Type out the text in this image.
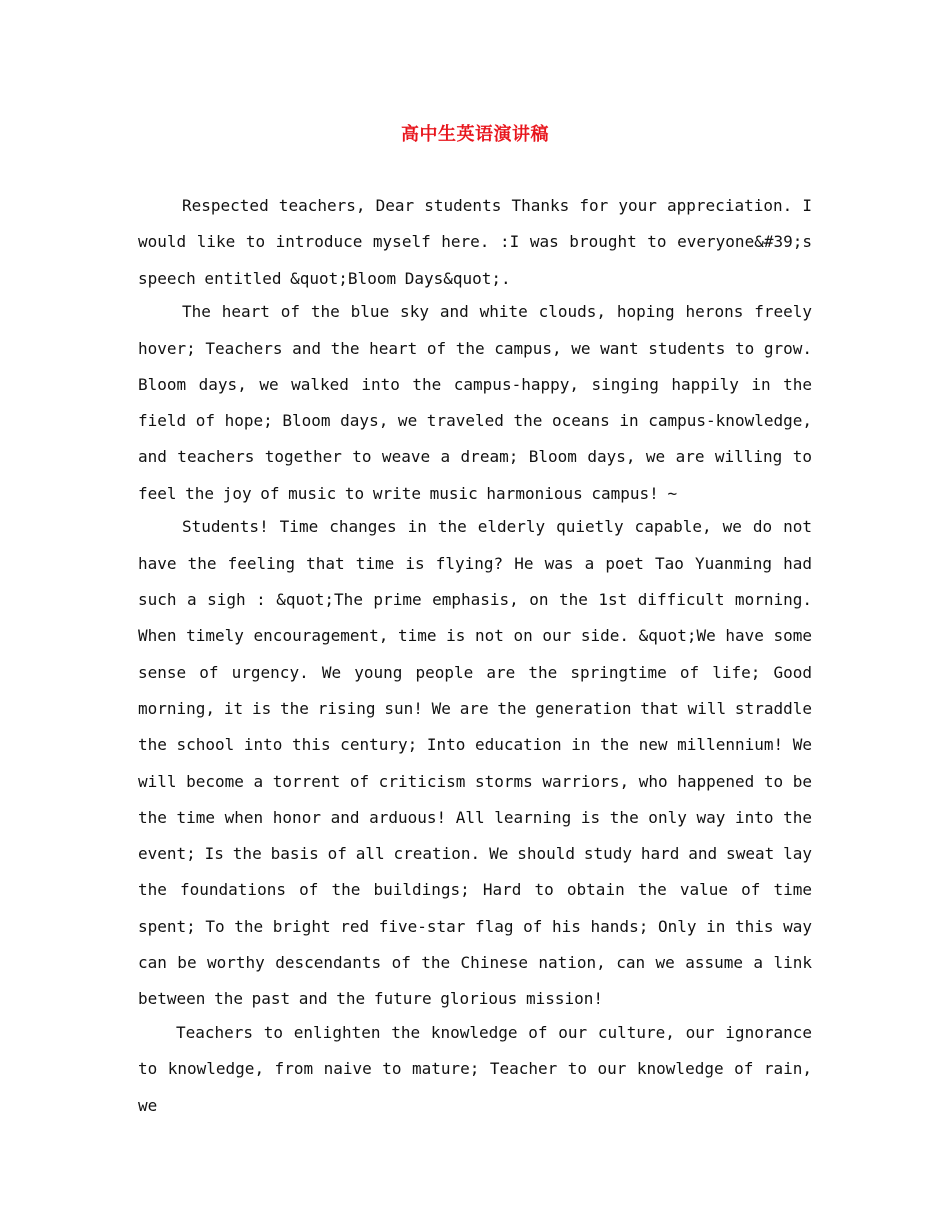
高中生英语演讲稿

Respected teachers, Dear students Thanks for your appreciation. I would like to introduce myself here. :I was brought to everyone&#39;s speech entitled &quot;Bloom Days&quot;.

The heart of the blue sky and white clouds, hoping herons freely hover; Teachers and the heart of the campus, we want students to grow. Bloom days, we walked into the campus-happy, singing happily in the field of hope; Bloom days, we traveled the oceans in campus-knowledge, and teachers together to weave a dream; Bloom days, we are willing to feel the joy of music to write music harmonious campus! ~

Students! Time changes in the elderly quietly capable, we do not have the feeling that time is flying? He was a poet Tao Yuanming had such a sigh : &quot;The prime emphasis, on the 1st difficult morning. When timely encouragement, time is not on our side. &quot;We have some sense of urgency. We young people are the springtime of life; Good morning, it is the rising sun! We are the generation that will straddle the school into this century; Into education in the new millennium! We will become a torrent of criticism storms warriors, who happened to be the time when honor and arduous! All learning is the only way into the event; Is the basis of all creation. We should study hard and sweat lay the foundations of the buildings; Hard to obtain the value of time spent; To the bright red five-star flag of his hands; Only in this way can be worthy descendants of the Chinese nation, can we assume a link between the past and the future glorious mission!

Teachers to enlighten the knowledge of our culture, our ignorance to knowledge, from naive to mature; Teacher to our knowledge of rain, we
